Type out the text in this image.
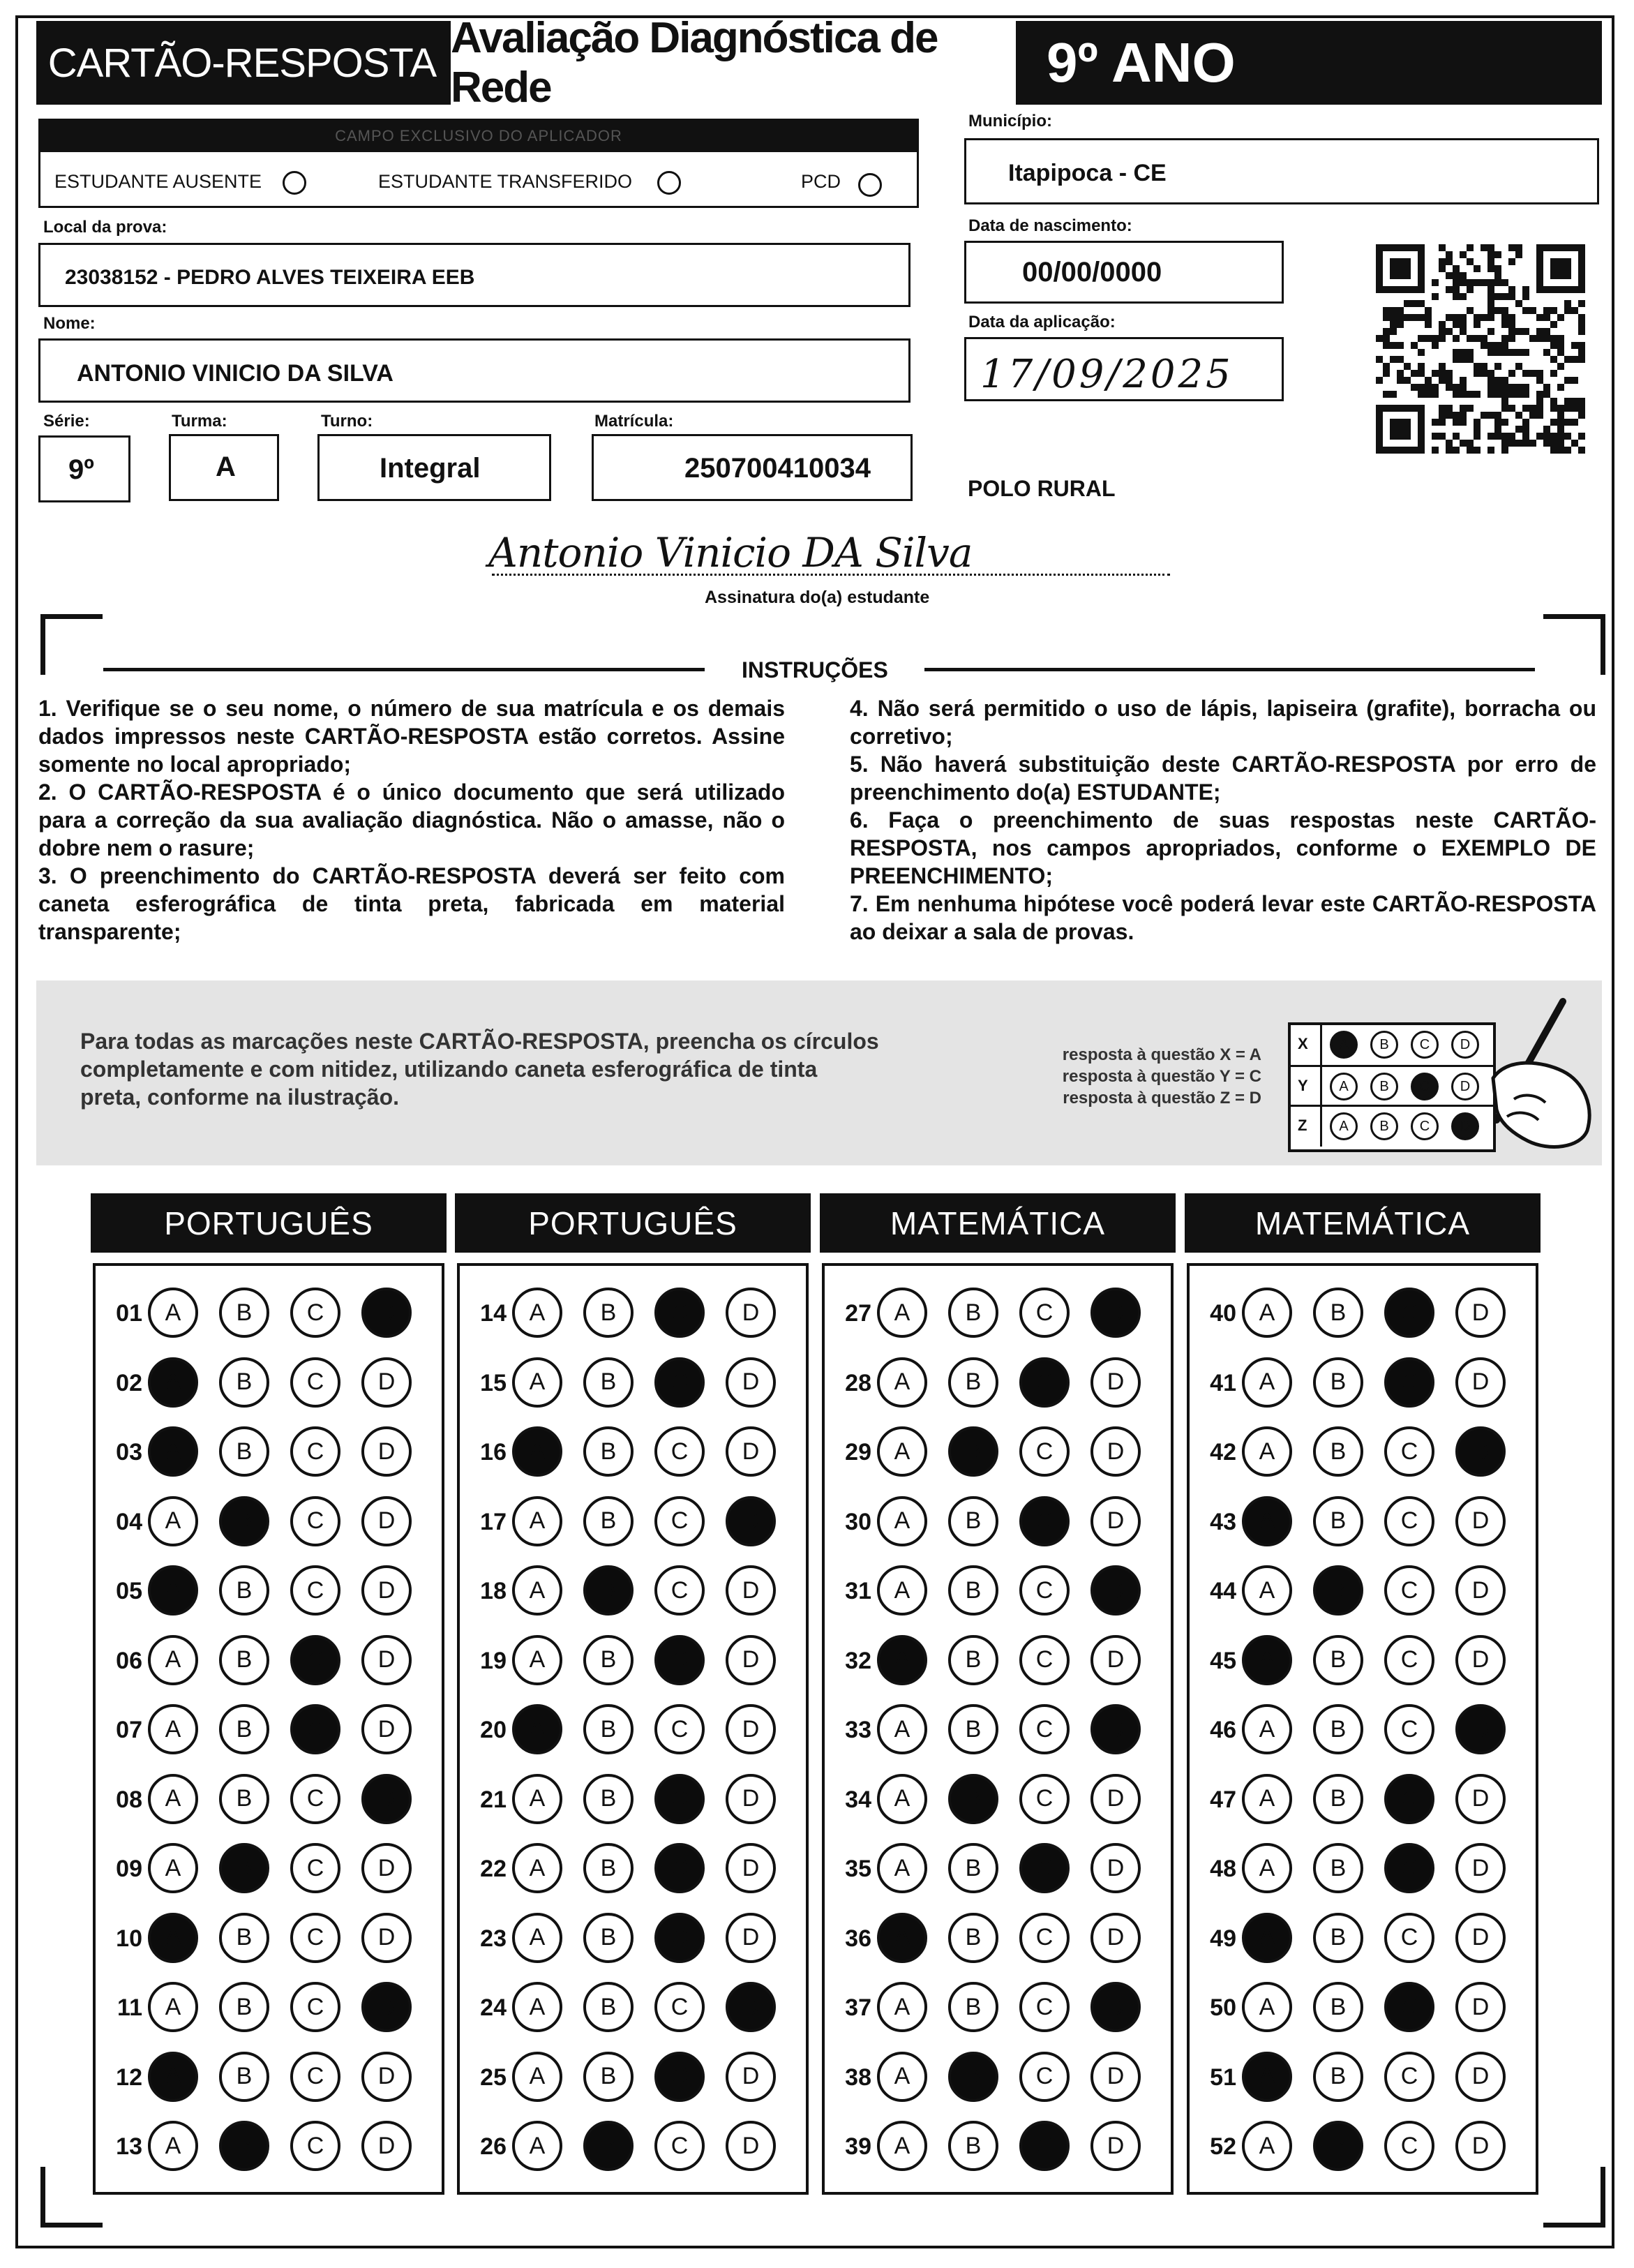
CARTÃO-RESPOSTA
Avaliação Diagnóstica de Rede	9º ANO
CAMPO EXCLUSIVO DO APLICADOR
ESTUDANTE AUSENTE	ESTUDANTE TRANSFERIDO	PCD
Município:
Itapipoca - CE
Local da prova:
23038152 - PEDRO ALVES TEIXEIRA EEB
Data de nascimento:
00/00/0000
Nome:
ANTONIO VINICIO DA SILVA
Data da aplicação:
17/09/2025
Série:
9º
Turma:
A
Turno:
Integral
Matrícula:
250700410034
POLO RURAL
Antonio Vinicio DA Silva
Assinatura do(a) estudante
INSTRUÇÕES

1. Verifique se o seu nome, o número de sua matrícula e os demais dados impressos neste CARTÃO-RESPOSTA estão corretos. Assine somente no local apropriado;

2. O CARTÃO-RESPOSTA é o único documento que será utilizado para a correção da sua avaliação diagnóstica. Não o amasse, não o dobre nem o rasure;

3. O preenchimento do CARTÃO-RESPOSTA deverá ser feito com caneta esferográfica de tinta preta, fabricada em material transparente;

4. Não será permitido o uso de lápis, lapiseira (grafite), borracha ou corretivo;

5. Não haverá substituição deste CARTÃO-RESPOSTA por erro de preenchimento do(a) ESTUDANTE;

6. Faça o preenchimento de suas respostas neste CARTÃO-RESPOSTA, nos campos apropriados, conforme o EXEMPLO DE PREENCHIMENTO;

7. Em nenhuma hipótese você poderá levar este CARTÃO-RESPOSTA ao deixar a sala de provas.

Para todas as marcações neste CARTÃO-RESPOSTA, preencha os círculos completamente e com nitidez, utilizando caneta esferográfica de tinta preta, conforme na ilustração.
resposta à questão X = A
resposta à questão Y = C
resposta à questão Z = D
X	A	B	C	D
Y	A	B	C	D
Z	A	B	C	D
PORTUGUÊS
01 A	B	C	D
02 A	B	C	D
03 A	B	C	D
04 A	B	C	D
05 A	B	C	D
06 A	B	C	D
07 A	B	C	D
08 A	B	C	D
09 A	B	C	D
10 A	B	C	D
11 A	B	C	D
12 A	B	C	D
13 A	B	C	D
PORTUGUÊS
14 A	B	C	D
15 A	B	C	D
16 A	B	C	D
17 A	B	C	D
18 A	B	C	D
19 A	B	C	D
20 A	B	C	D
21 A	B	C	D
22 A	B	C	D
23 A	B	C	D
24 A	B	C	D
25 A	B	C	D
26 A	B	C	D
MATEMÁTICA
27 A	B	C	D
28 A	B	C	D
29 A	B	C	D
30 A	B	C	D
31 A	B	C	D
32 A	B	C	D
33 A	B	C	D
34 A	B	C	D
35 A	B	C	D
36 A	B	C	D
37 A	B	C	D
38 A	B	C	D
39 A	B	C	D
MATEMÁTICA
40 A	B	C	D
41 A	B	C	D
42 A	B	C	D
43 A	B	C	D
44 A	B	C	D
45 A	B	C	D
46 A	B	C	D
47 A	B	C	D
48 A	B	C	D
49 A	B	C	D
50 A	B	C	D
51 A	B	C	D
52 A	B	C	D
